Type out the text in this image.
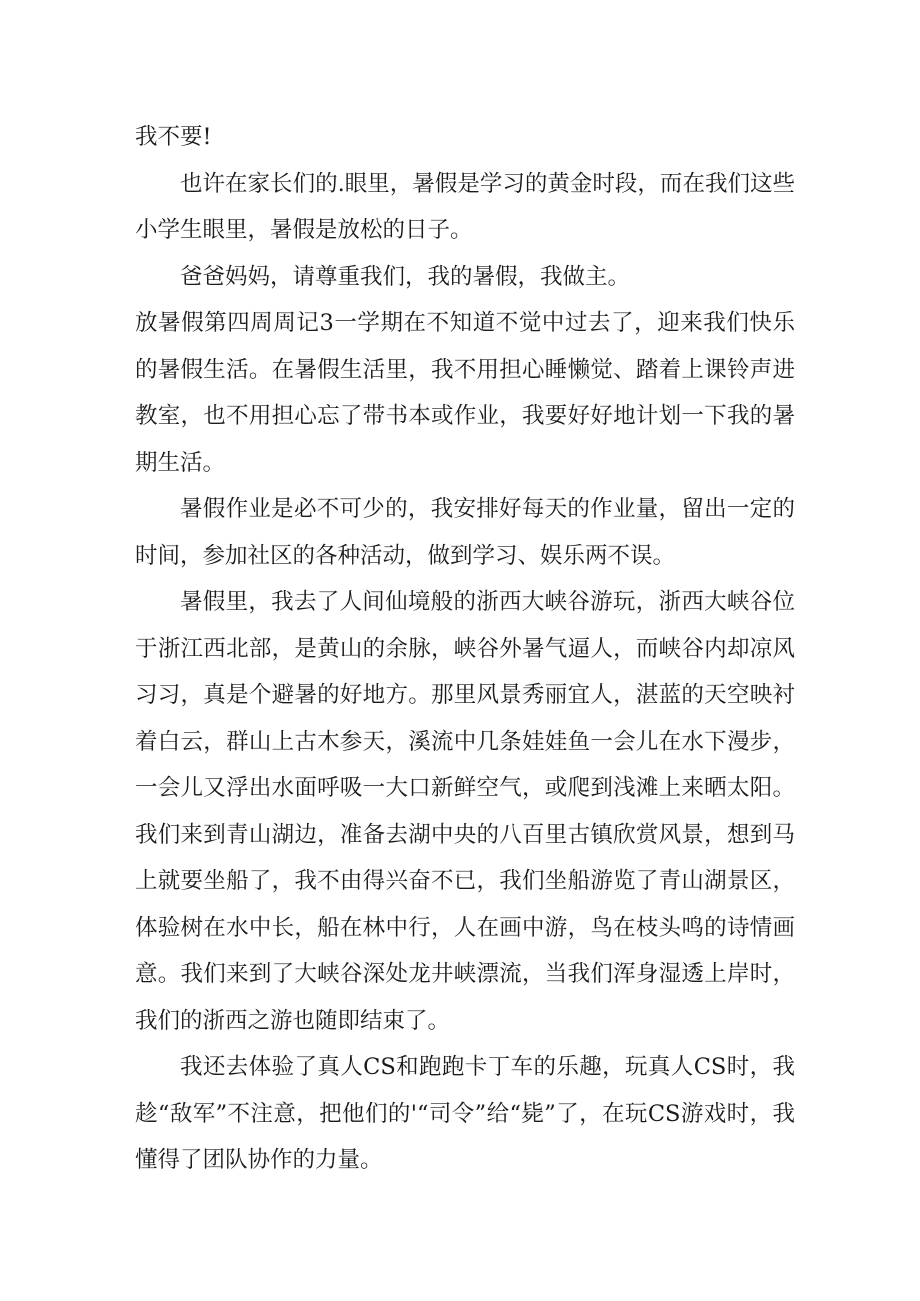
我不要!

也许在家长们的.眼里，暑假是学习的黄金时段，而在我们这些小学生眼里，暑假是放松的日子。

爸爸妈妈，请尊重我们，我的暑假，我做主。

放暑假第四周周记3一学期在不知道不觉中过去了，迎来我们快乐的暑假生活。在暑假生活里，我不用担心睡懒觉、踏着上课铃声进教室，也不用担心忘了带书本或作业，我要好好地计划一下我的暑期生活。

暑假作业是必不可少的，我安排好每天的作业量，留出一定的时间，参加社区的各种活动，做到学习、娱乐两不误。

暑假里，我去了人间仙境般的浙西大峡谷游玩，浙西大峡谷位于浙江西北部，是黄山的余脉，峡谷外暑气逼人，而峡谷内却凉风习习，真是个避暑的好地方。那里风景秀丽宜人，湛蓝的天空映衬着白云，群山上古木参天，溪流中几条娃娃鱼一会儿在水下漫步，一会儿又浮出水面呼吸一大口新鲜空气，或爬到浅滩上来晒太阳。我们来到青山湖边，准备去湖中央的八百里古镇欣赏风景，想到马上就要坐船了，我不由得兴奋不已，我们坐船游览了青山湖景区，体验树在水中长，船在林中行，人在画中游，鸟在枝头鸣的诗情画意。我们来到了大峡谷深处龙井峡漂流，当我们浑身湿透上岸时，我们的浙西之游也随即结束了。

我还去体验了真人CS和跑跑卡丁车的乐趣，玩真人CS时，我趁“敌军”不注意，把他们的'“司令”给“毙”了，在玩CS游戏时，我懂得了团队协作的力量。
